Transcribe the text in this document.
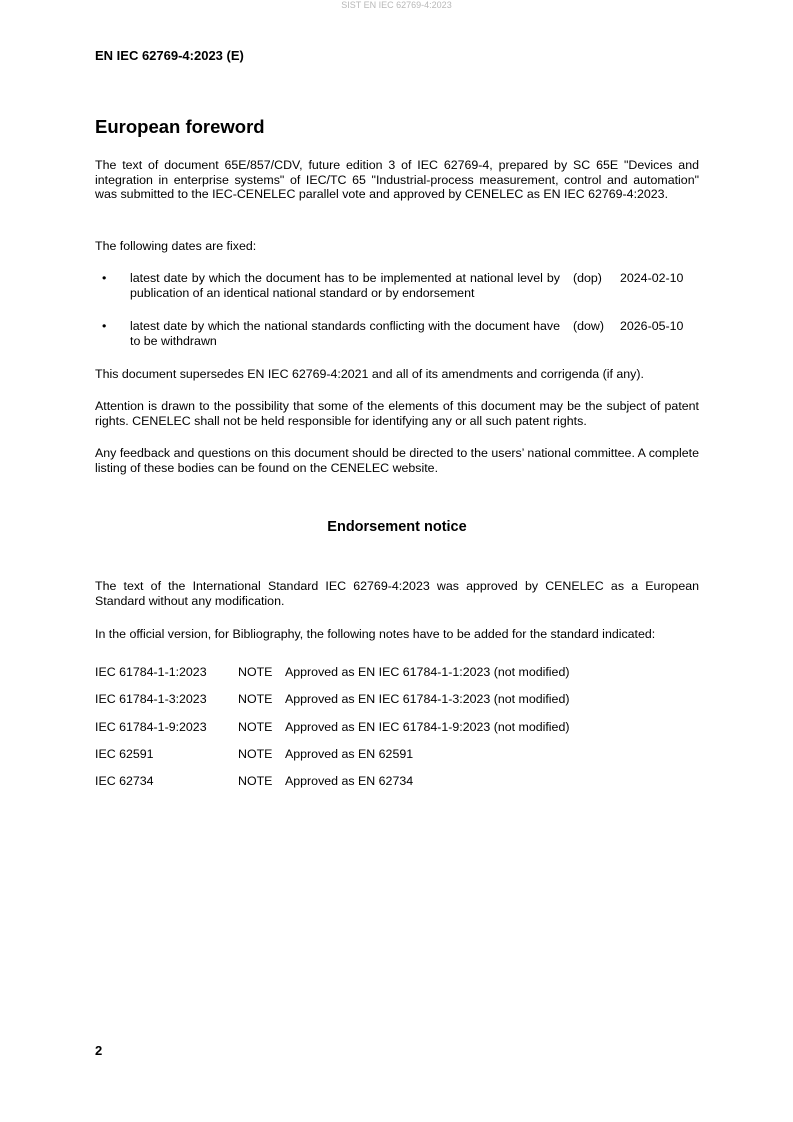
SIST EN IEC 62769-4:2023
EN IEC 62769-4:2023 (E)
European foreword

The text of document 65E/857/CDV, future edition 3 of IEC 62769-4, prepared by SC 65E "Devices and integration in enterprise systems" of IEC/TC 65 "Industrial-process measurement, control and automation" was submitted to the IEC-CENELEC parallel vote and approved by CENELEC as EN IEC 62769-4:2023.

The following dates are fixed:

• latest date by which the document has to be implemented at national level by publication of an identical national standard or by endorsement
(dop) 2024-02-10
• latest date by which the national standards conflicting with the document have to be withdrawn
(dow) 2026-05-10

This document supersedes EN IEC 62769-4:2021 and all of its amendments and corrigenda (if any).

Attention is drawn to the possibility that some of the elements of this document may be the subject of patent rights. CENELEC shall not be held responsible for identifying any or all such patent rights.

Any feedback and questions on this document should be directed to the users’ national committee. A complete listing of these bodies can be found on the CENELEC website.

Endorsement notice

The text of the International Standard IEC 62769-4:2023 was approved by CENELEC as a European Standard without any modification.

In the official version, for Bibliography, the following notes have to be added for the standard indicated:

IEC 61784-1-1:2023	NOTE Approved as EN IEC 61784-1-1:2023 (not modified)
IEC 61784-1-3:2023	NOTE Approved as EN IEC 61784-1-3:2023 (not modified)
IEC 61784-1-9:2023	NOTE Approved as EN IEC 61784-1-9:2023 (not modified)
IEC 62591	NOTE Approved as EN 62591
IEC 62734	NOTE Approved as EN 62734
2
